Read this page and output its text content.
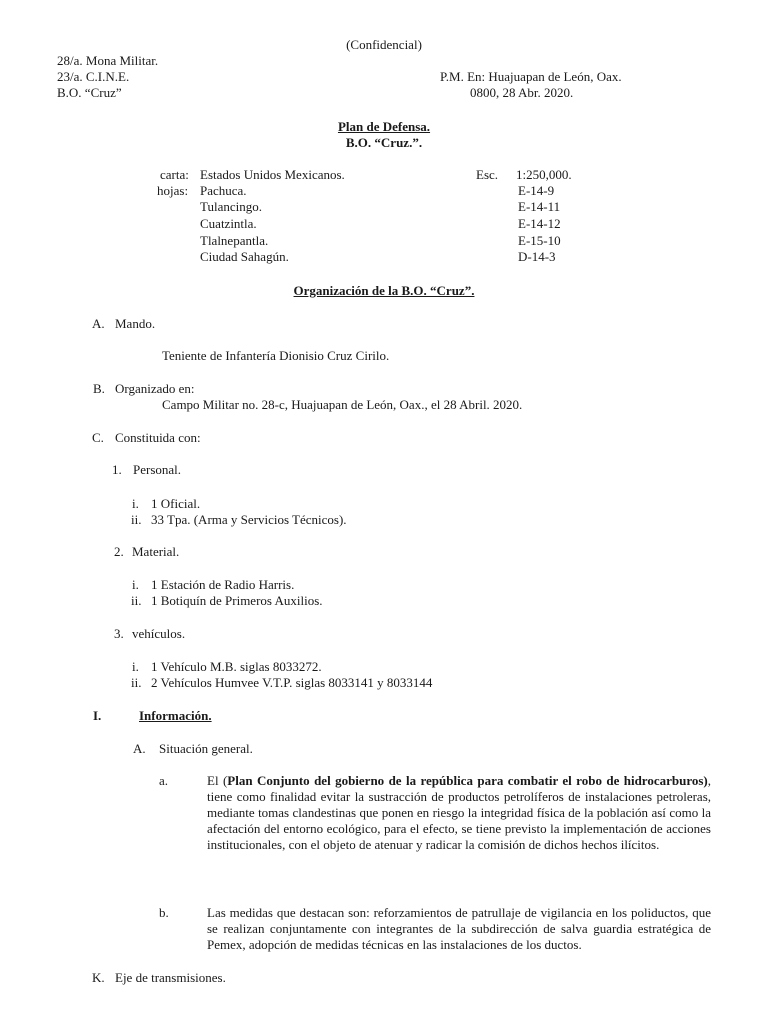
(Confidencial)
28/a. Mona Militar.
23/a. C.I.N.E.
B.O. “Cruz”
P.M. En: Huajuapan de León, Oax.
0800, 28 Abr. 2020.
Plan de Defensa.
B.O. “Cruz.”.
carta: Estados Unidos Mexicanos.	Esc. 1:250,000.
hojas: Pachuca.	E-14-9
Tulancingo.	E-14-11
Cuatzintla.	E-14-12
Tlalnepantla.	E-15-10
Ciudad Sahagún.	D-14-3
Organización de la B.O. “Cruz”.
A. Mando.
Teniente de Infantería Dionisio Cruz Cirilo.
B. Organizado en:
Campo Militar no. 28-c, Huajuapan de León, Oax., el 28 Abril. 2020.
C. Constituida con:
1. Personal.
i. 1 Oficial.
ii. 33 Tpa. (Arma y Servicios Técnicos).
2. Material.
i. 1 Estación de Radio Harris.
ii. 1 Botiquín de Primeros Auxilios.
3. vehículos.
i. 1 Vehículo M.B. siglas 8033272.
ii. 2 Vehículos Humvee V.T.P. siglas 8033141 y 8033144
I.	Información.
A. Situación general.
a.	El (Plan Conjunto del gobierno de la república para combatir el robo de hidrocarburos), tiene como finalidad evitar la sustracción de productos petrolíferos de instalaciones petroleras, mediante tomas clandestinas que ponen en riesgo la integridad física de la población así como la afectación del entorno ecológico, para el efecto, se tiene previsto la implementación de acciones institucionales, con el objeto de atenuar y radicar la comisión de dichos hechos ilícitos.
b.	Las medidas que destacan son: reforzamientos de patrullaje de vigilancia en los poliductos, que se realizan conjuntamente con integrantes de la subdirección de salva guardia estratégica de Pemex, adopción de medidas técnicas en las instalaciones de los ductos.
K. Eje de transmisiones.
